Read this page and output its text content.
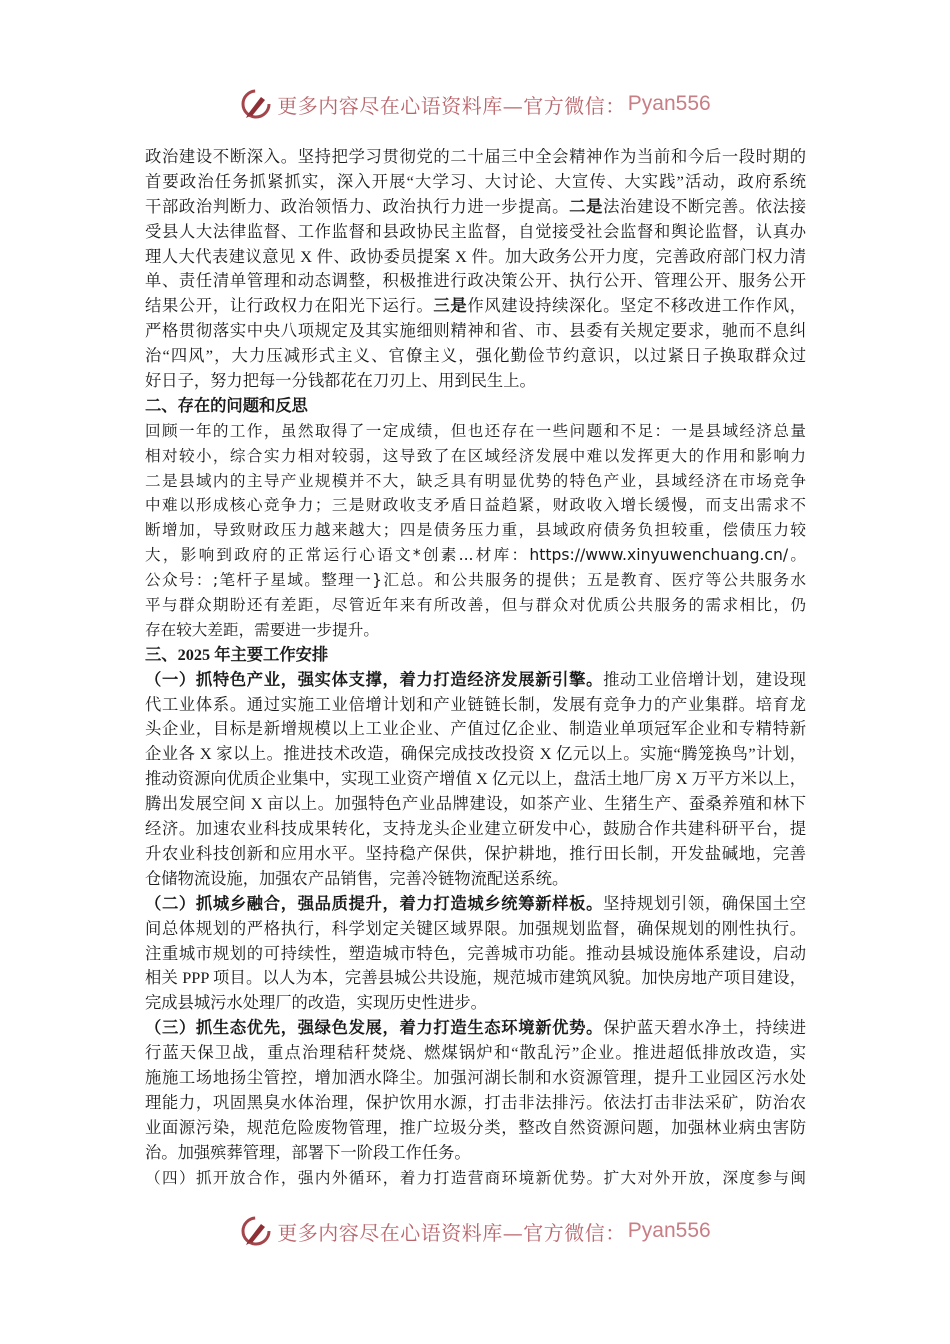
更多内容尽在心语资料库—官方微信： Pyan556
政治建设不断深入。坚持把学习贯彻党的二十届三中全会精神作为当前和今后一段时期的
首要政治任务抓紧抓实，深入开展“大学习、大讨论、大宣传、大实践”活动，政府系统
干部政治判断力、政治领悟力、政治执行力进一步提高。二是法治建设不断完善。依法接
受县人大法律监督、工作监督和县政协民主监督，自觉接受社会监督和舆论监督，认真办
理人大代表建议意见 X 件、政协委员提案 X 件。加大政务公开力度，完善政府部门权力清
单、责任清单管理和动态调整，积极推进行政决策公开、执行公开、管理公开、服务公开
结果公开，让行政权力在阳光下运行。三是作风建设持续深化。坚定不移改进工作作风，
严格贯彻落实中央八项规定及其实施细则精神和省、市、县委有关规定要求，驰而不息纠
治“四风”，大力压减形式主义、官僚主义，强化勤俭节约意识，以过紧日子换取群众过
好日子，努力把每一分钱都花在刀刃上、用到民生上。
二、存在的问题和反思
回顾一年的工作，虽然取得了一定成绩，但也还存在一些问题和不足：一是县域经济总量
相对较小，综合实力相对较弱，这导致了在区域经济发展中难以发挥更大的作用和影响力
二是县域内的主导产业规模并不大，缺乏具有明显优势的特色产业，县域经济在市场竞争
中难以形成核心竞争力；三是财政收支矛盾日益趋紧，财政收入增长缓慢，而支出需求不
断增加，导致财政压力越来越大；四是债务压力重，县域政府债务负担较重，偿债压力较
大，影响到政府的正常运行心语文*创素...材库：https://www.xinyuwenchuang.cn/。
公众号：;笔杆子星域。整理一}汇总。和公共服务的提供；五是教育、医疗等公共服务水
平与群众期盼还有差距，尽管近年来有所改善，但与群众对优质公共服务的需求相比，仍
存在较大差距，需要进一步提升。
三、2025 年主要工作安排
（一）抓特色产业，强实体支撑，着力打造经济发展新引擎。推动工业倍增计划，建设现
代工业体系。通过实施工业倍增计划和产业链链长制，发展有竞争力的产业集群。培育龙
头企业，目标是新增规模以上工业企业、产值过亿企业、制造业单项冠军企业和专精特新
企业各 X 家以上。推进技术改造，确保完成技改投资 X 亿元以上。实施“腾笼换鸟”计划，
推动资源向优质企业集中，实现工业资产增值 X 亿元以上，盘活土地厂房 X 万平方米以上，
腾出发展空间 X 亩以上。加强特色产业品牌建设，如茶产业、生猪生产、蚕桑养殖和林下
经济。加速农业科技成果转化，支持龙头企业建立研发中心，鼓励合作共建科研平台，提
升农业科技创新和应用水平。坚持稳产保供，保护耕地，推行田长制，开发盐碱地，完善
仓储物流设施，加强农产品销售，完善冷链物流配送系统。
（二）抓城乡融合，强品质提升，着力打造城乡统筹新样板。坚持规划引领，确保国土空
间总体规划的严格执行，科学划定关键区域界限。加强规划监督，确保规划的刚性执行。
注重城市规划的可持续性，塑造城市特色，完善城市功能。推动县城设施体系建设，启动
相关 PPP 项目。以人为本，完善县城公共设施，规范城市建筑风貌。加快房地产项目建设，
完成县城污水处理厂的改造，实现历史性进步。
（三）抓生态优先，强绿色发展，着力打造生态环境新优势。保护蓝天碧水净土，持续进
行蓝天保卫战，重点治理秸秆焚烧、燃煤锅炉和“散乱污”企业。推进超低排放改造，实
施施工场地扬尘管控，增加洒水降尘。加强河湖长制和水资源管理，提升工业园区污水处
理能力，巩固黑臭水体治理，保护饮用水源，打击非法排污。依法打击非法采矿，防治农
业面源污染，规范危险废物管理，推广垃圾分类，整改自然资源问题，加强林业病虫害防
治。加强殡葬管理，部署下一阶段工作任务。
（四）抓开放合作，强内外循环，着力打造营商环境新优势。扩大对外开放，深度参与闽
更多内容尽在心语资料库—官方微信： Pyan556
